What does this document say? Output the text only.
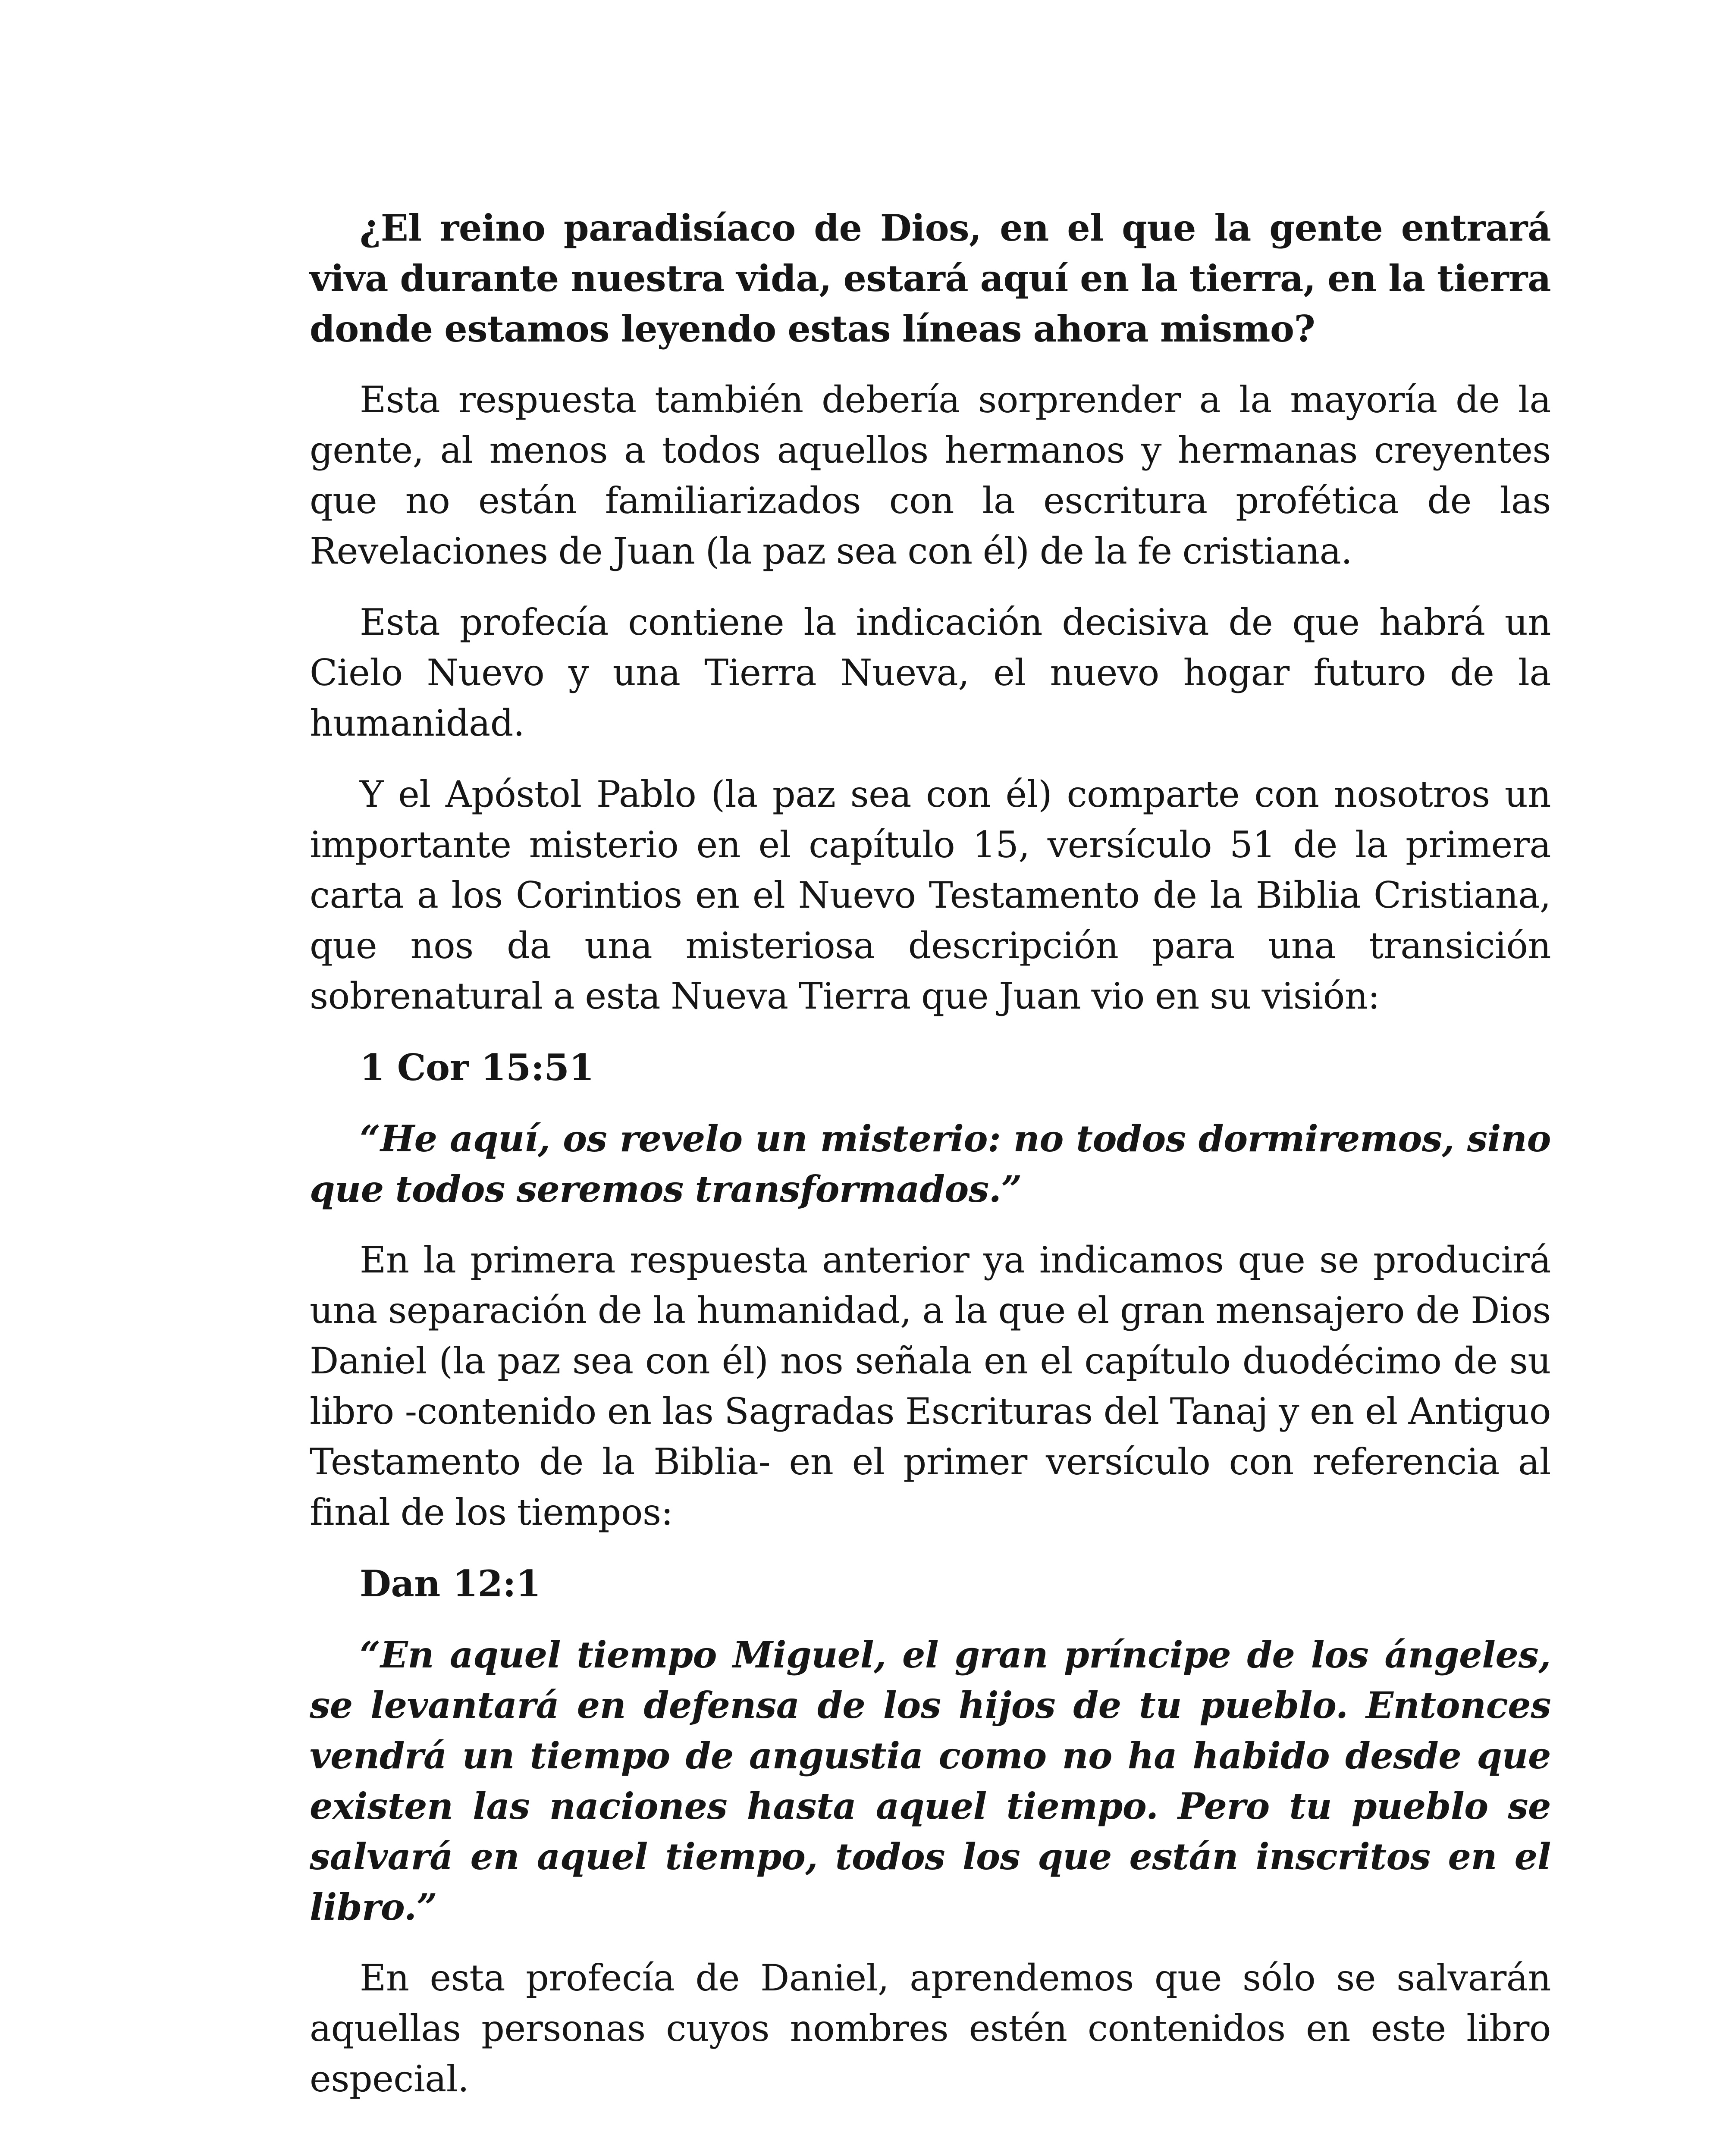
¿El reino paradisíaco de Dios, en el que la gente entrará viva durante nuestra vida, estará aquí en la tierra, en la tierra donde estamos leyendo estas líneas ahora mismo?

Esta respuesta también debería sorprender a la mayoría de la gente, al menos a todos aquellos hermanos y hermanas creyentes que no están familiarizados con la escritura profética de las Revelaciones de Juan (la paz sea con él) de la fe cristiana.

Esta profecía contiene la indicación decisiva de que habrá un Cielo Nuevo y una Tierra Nueva, el nuevo hogar futuro de la humanidad.

Y el Apóstol Pablo (la paz sea con él) comparte con nosotros un importante misterio en el capítulo 15, versículo 51 de la primera carta a los Corintios en el Nuevo Testamento de la Biblia Cristiana, que nos da una misteriosa descripción para una transición sobrenatural a esta Nueva Tierra que Juan vio en su visión:

1 Cor 15:51

“He aquí, os revelo un misterio: no todos dormiremos, sino que todos seremos transformados.”

En la primera respuesta anterior ya indicamos que se producirá una separación de la humanidad, a la que el gran mensajero de Dios Daniel (la paz sea con él) nos señala en el capítulo duodécimo de su libro -contenido en las Sagradas Escrituras del Tanaj y en el Antiguo Testamento de la Biblia- en el primer versículo con referencia al final de los tiempos:

Dan 12:1

“En aquel tiempo Miguel, el gran príncipe de los ángeles, se levantará en defensa de los hijos de tu pueblo. Entonces vendrá un tiempo de angustia como no ha habido desde que existen las naciones hasta aquel tiempo. Pero tu pueblo se salvará en aquel tiempo, todos los que están inscritos en el libro.”

En esta profecía de Daniel, aprendemos que sólo se salvarán aquellas personas cuyos nombres estén contenidos en este libro especial.
